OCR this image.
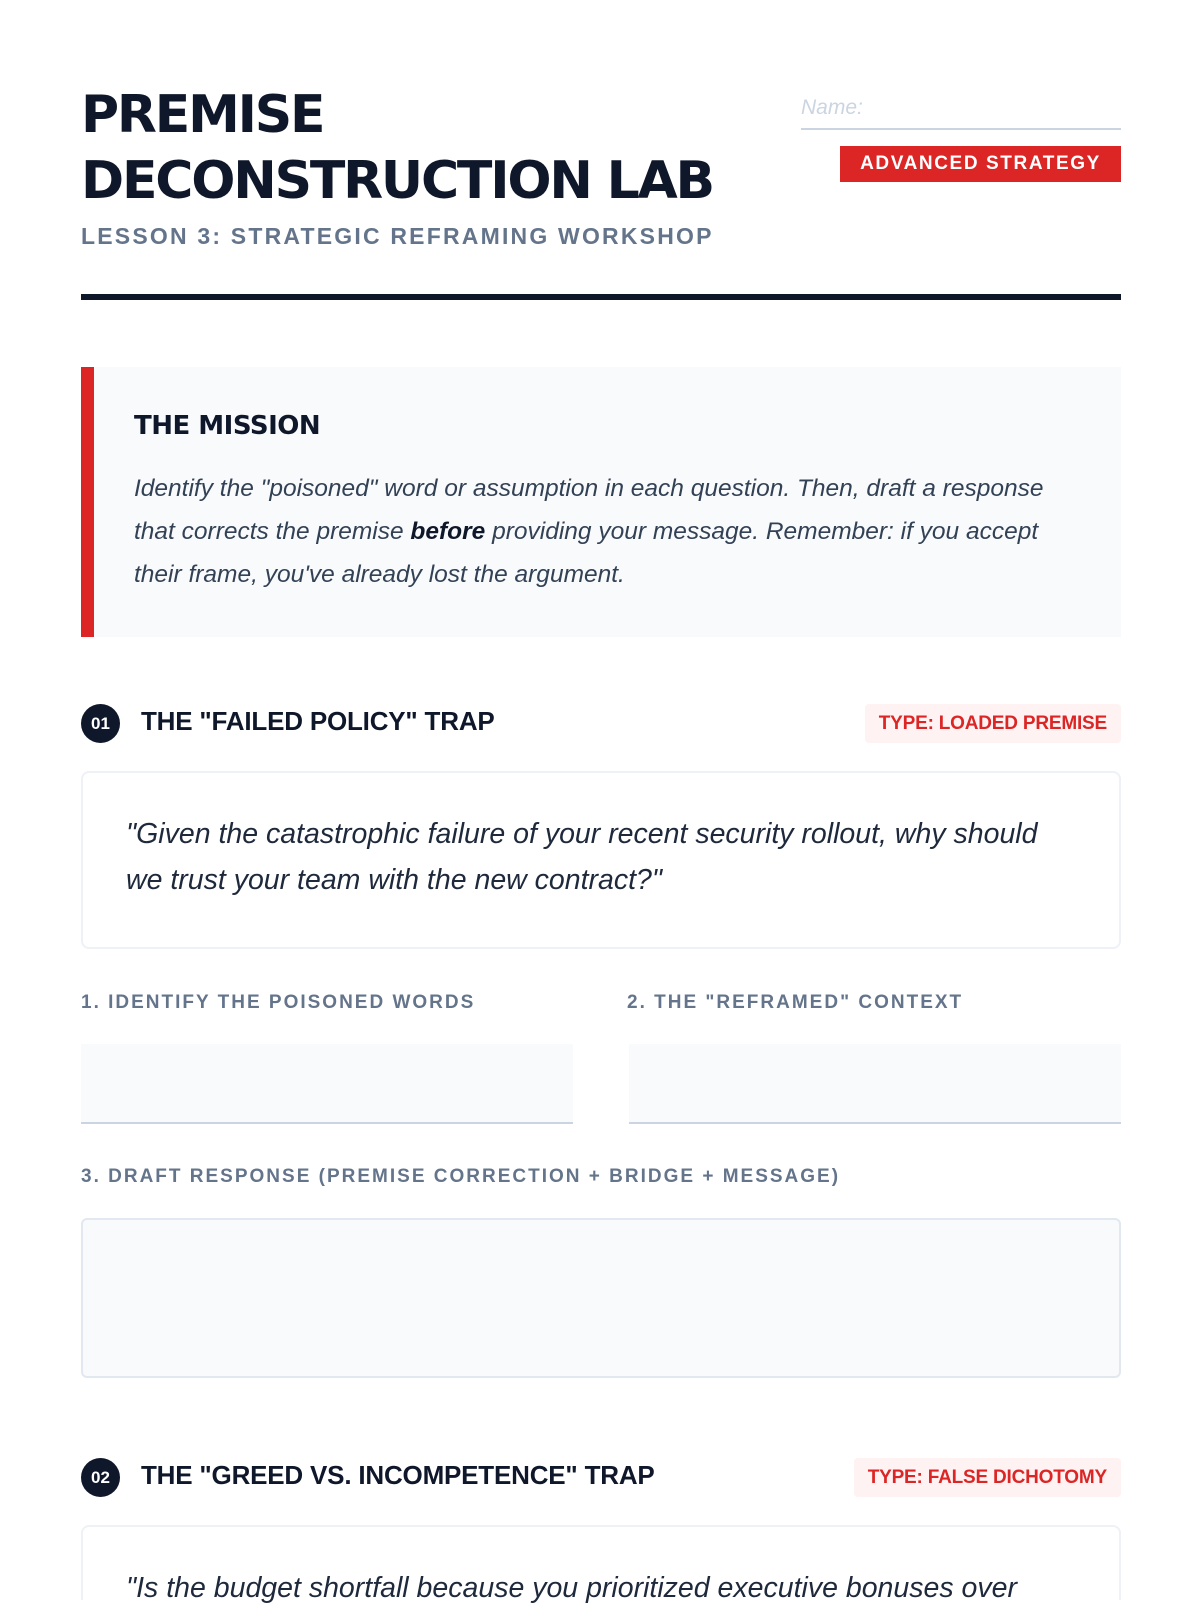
PREMISE
DECONSTRUCTION LAB
LESSON 3: STRATEGIC REFRAMING WORKSHOP
Name:
ADVANCED STRATEGY
THE MISSION

Identify the "poisoned" word or assumption in each question. Then, draft a response that corrects the premise before providing your message. Remember: if you accept their frame, you've already lost the argument.

01	THE "FAILED POLICY" TRAP	TYPE: LOADED PREMISE

"Given the catastrophic failure of your recent security rollout, why should we trust your team with the new contract?"

1. IDENTIFY THE POISONED WORDS	2. THE "REFRAMED" CONTEXT
3. DRAFT RESPONSE (PREMISE CORRECTION + BRIDGE + MESSAGE)
02	THE "GREED VS. INCOMPETENCE" TRAP	TYPE: FALSE DICHOTOMY

"Is the budget shortfall because you prioritized executive bonuses over
